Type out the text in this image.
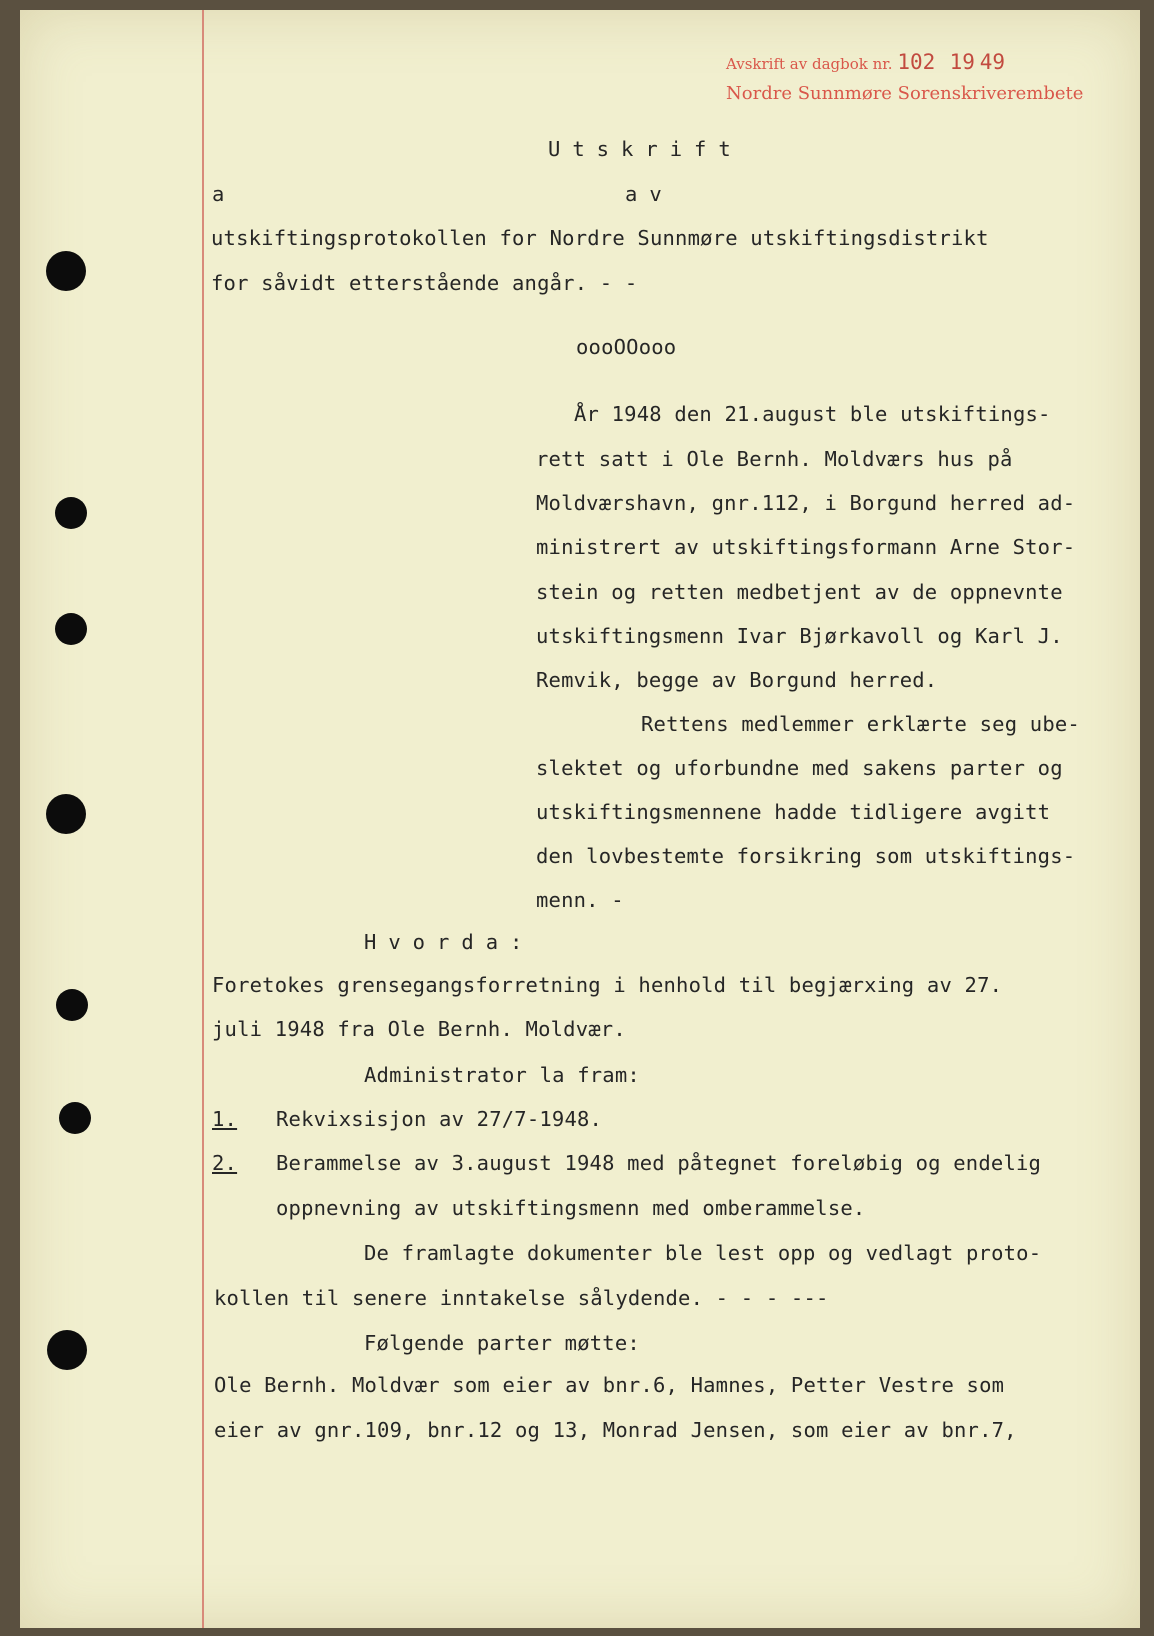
Avskrift av dagbok nr. 102 19 49
Nordre Sunnmøre Sorenskriverembete
Utskrift
a	av
utskiftingsprotokollen for Nordre Sunnmøre utskiftingsdistrikt
for såvidt etterstående angår. - -
oooOOooo
År 1948 den 21.august ble utskiftings-
rett satt i Ole Bernh. Moldværs hus på
Moldværshavn, gnr.112, i Borgund herred ad-
ministrert av utskiftingsformann Arne Stor-
stein og retten medbetjent av de oppnevnte
utskiftingsmenn Ivar Bjørkavoll og Karl J.
Remvik, begge av Borgund herred.
Rettens medlemmer erklærte seg ube-
slektet og uforbundne med sakens parter og
utskiftingsmennene hadde tidligere avgitt
den lovbestemte forsikring som utskiftings-
menn. -
Hvorda:
Foretokes grensegangsforretning i henhold til begjærxing av 27.
juli 1948 fra Ole Bernh. Moldvær.
Administrator la fram:
1. Rekvixsisjon av 27/7-1948.
2. Berammelse av 3.august 1948 med påtegnet foreløbig og endelig
oppnevning av utskiftingsmenn med omberammelse.
De framlagte dokumenter ble lest opp og vedlagt proto-
kollen til senere inntakelse sålydende. - - - ---
Følgende parter møtte:
Ole Bernh. Moldvær som eier av bnr.6, Hamnes, Petter Vestre som
eier av gnr.109, bnr.12 og 13, Monrad Jensen, som eier av bnr.7,
